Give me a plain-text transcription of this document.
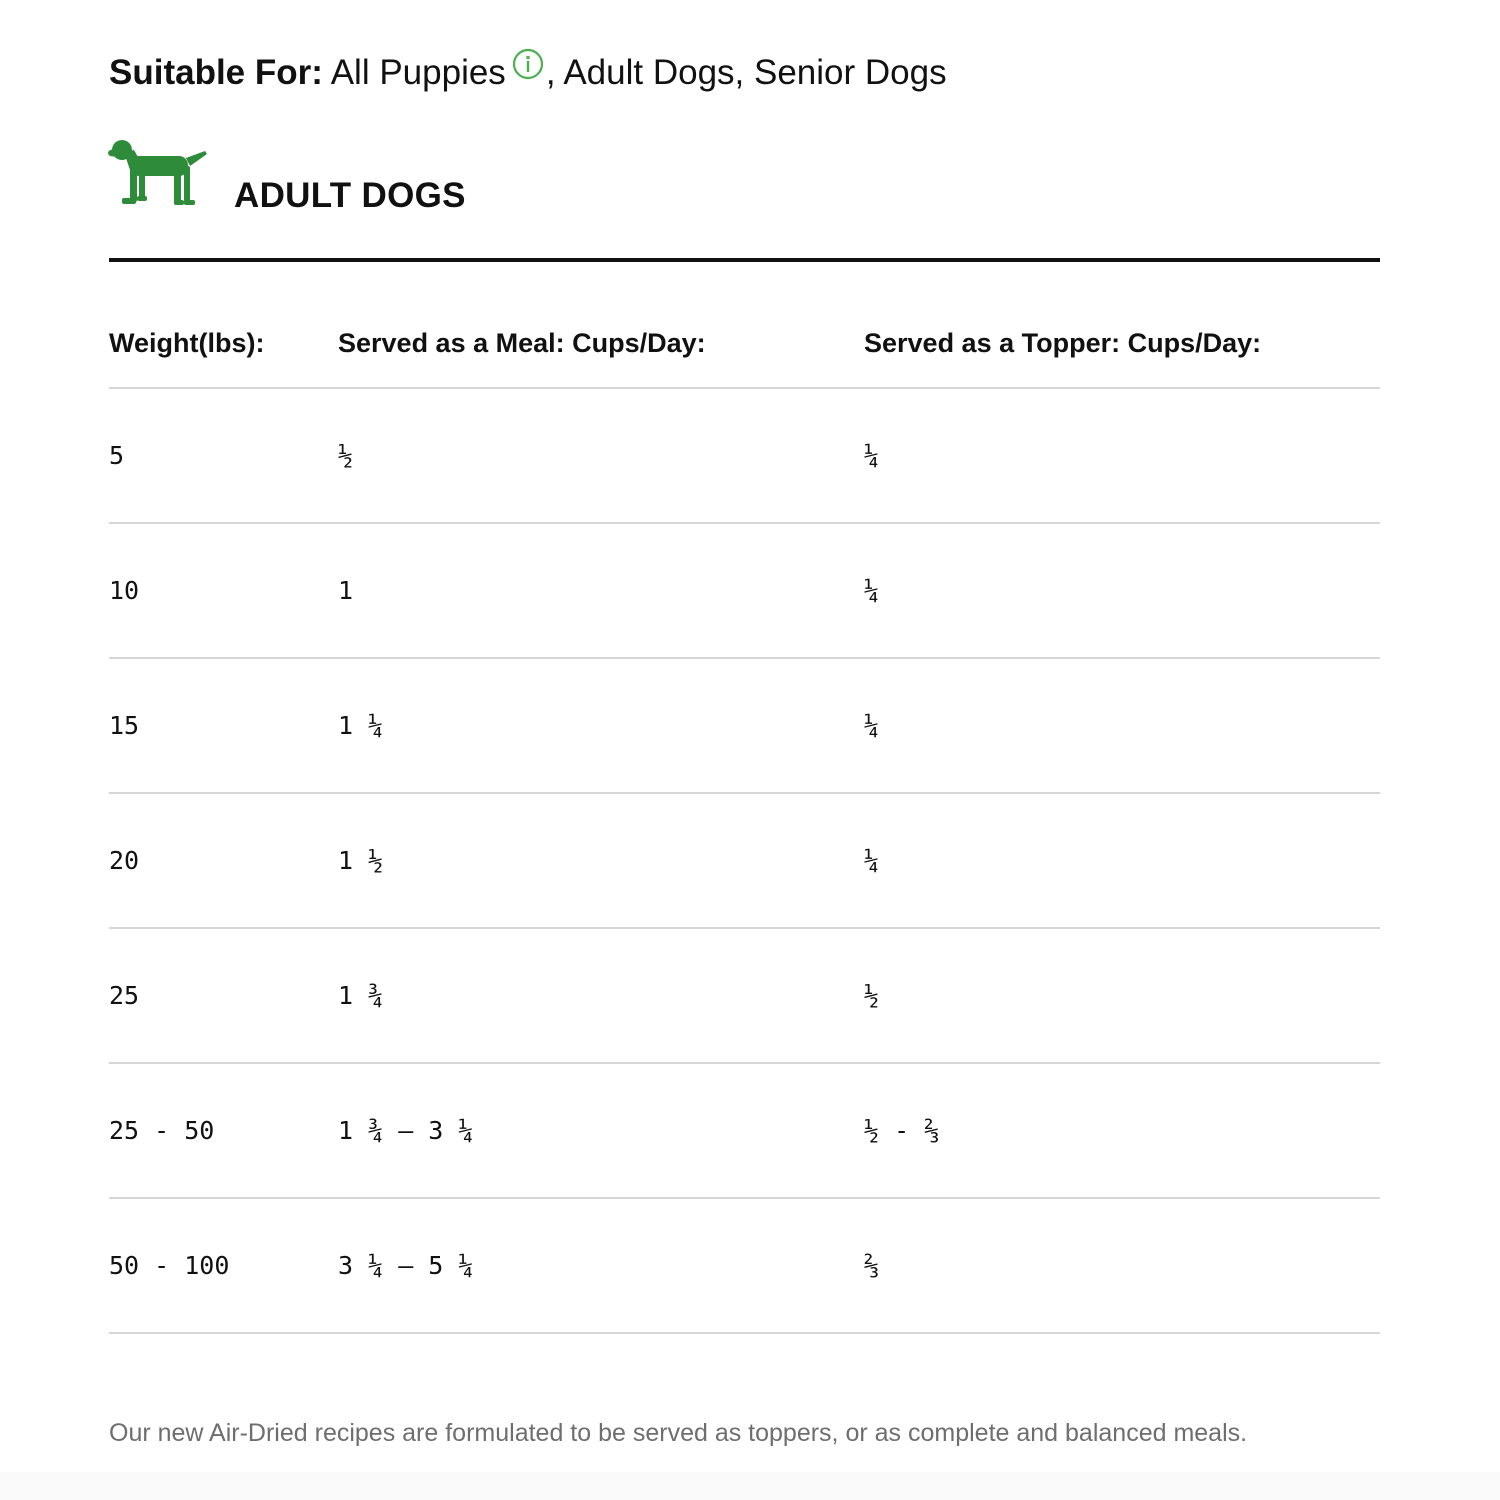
Suitable For: All Puppies , Adult Dogs, Senior Dogs
ADULT DOGS
Weight(lbs):	Served as a Meal: Cups/Day:	Served as a Topper: Cups/Day:
5	½	¼
10	1	¼
15	1 ¼	¼
20	1 ½	¼
25	1 ¾	½
25 - 50	1 ¾ – 3 ¼	½ - ⅔
50 - 100	3 ¼ – 5 ¼	⅔
Our new Air-Dried recipes are formulated to be served as toppers, or as complete and balanced meals.
